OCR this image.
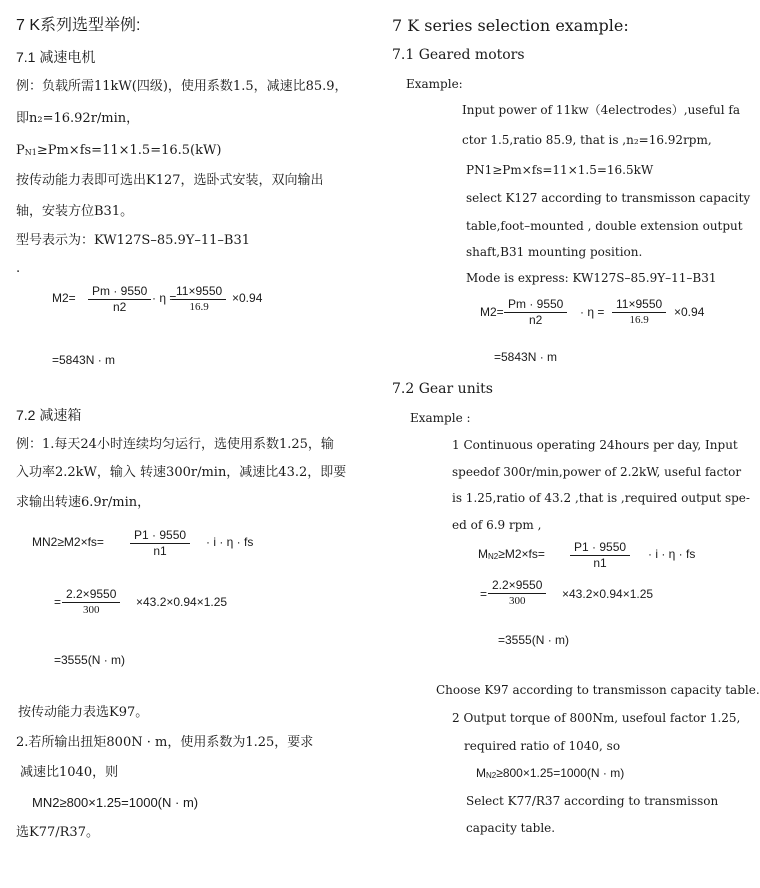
7 K系列选型举例:
7.1 减速电机
例：负载所需11kW(四级)，使用系数1.5，减速比85.9，
即n₂=16.92r/min，
$P_{N1}\ge Pm\times fs=11\times 1.5=16.5(kW)$
按传动能力表即可选出K127，选卧式安装，双向输出
轴，安装方位B31。
型号表示为：KW127S–85.9Y–11–B31
.
$M2= \frac{Pm \cdot 9550}{n2} \cdot \eta$ =
$\frac{11\times 9550}{16.9} \times 0.94$
=5843N · m
7.2 减速箱
例：1.每天24小时连续均匀运行，选使用系数1.25，输
入功率2.2kW，输入 转速300r/min，减速比43.2，即要
求输出转速6.9r/min，
$MN2\ge M2\times fs= \frac{P1 \cdot 9550}{n1} \cdot i \cdot \eta$ · fs
= $\frac{2.2\times 9550}{300} \times 43.2\times 0.94\times 1.25$
=3555(N · m)
按传动能力表选K97。
2.若所输出扭矩800N · m，使用系数为1.25，要求
减速比1040，则
MN2≥800×1.25=1000(N · m)
选K77/R37。
7 K series selection example:
7.1 Geared motors
Example:
Input power of 11kw（4electrodes）,useful fa
ctor 1.5,ratio 85.9, that is ,n₂=16.92rpm,
PN1≥Pm×fs=11×1.5=16.5kW
select K127 according to transmisson capacity
table,foot–mounted , double extension output
shaft,B31 mounting position.
Mode is express: KW127S–85.9Y–11–B31
$M2= \frac{Pm \cdot 9550}{n2} \cdot \eta = \frac{11\times 9550}{16.9} \times 0.94$
=5843N · m
7.2 Gear units
Example :
1 Continuous operating 24hours per day, Input
speedof 300r/min,power of 2.2kW, useful factor
is 1.25,ratio of 43.2 ,that is ,required output spe-
ed of 6.9 rpm ,
$M_{N2}\ge M2\times fs= \frac{P1 \cdot 9550}{n1} \cdot i \cdot \eta$ · fs
= $\frac{2.2\times 9550}{300} \times 43.2\times 0.94\times 1.25$
=3555(N · m)
Choose K97 according to transmisson capacity table.
2 Output torque of 800Nm, usefoul factor 1.25,
required ratio of 1040, so
$M_{N2}\ge 800\times 1.25=1000(N \cdot m)$
Select K77/R37 according to transmisson
capacity table.
